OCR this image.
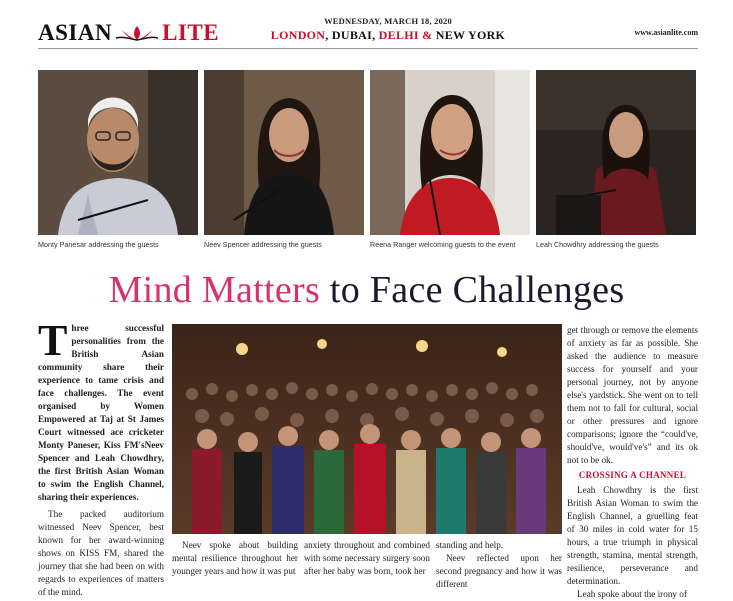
ASIAN LITE	WEDNESDAY, MARCH 18, 2020
LONDON, DUBAI, DELHI & NEW YORK	www.asianlite.com
Monty Panesar addressing the guests	Neev Spencer addressing the guests	Reena Ranger welcoming guests to the event	Leah Chowdhry addressing the guests
Mind Matters to Face Challenges
T hree successful personalities from the British Asian community share their experience to tame crisis and face challenges. The event organised by Women Empowered at Taj at St James Court witnessed ace cricketer Monty Paneser, Kiss FM'sNeev Spencer and Leah Chowdhry, the first British Asian Woman to swim the English Channel, sharing their experiences.
The packed auditorium witnessed Neev Spencer, best known for her award-winning shows on KISS FM, shared the journey that she had been on with regards to experiences of matters of the mind.
Neev spoke about building mental resilience throughout her younger years and how it was put
anxiety throughout and combined with some necessary surgery soon after her baby was born, took her
standing and help.
Neev reflected upon her second pregnancy and how it was different
get through or remove the elements of anxiety as far as possible. She asked the audience to measure success for yourself and your personal journey, not by anyone else's yardstick. She went on to tell them not to fall for cultural, social or other pressures and ignore comparisons; ignore the “could've, should've, would've's” and its ok not to be ok.
CROSSING A CHANNEL
Leah Chowdhry is the first British Asian Woman to swim the English Channel, a gruelling feat of 30 miles in cold water for 15 hours, a true triumph in physical strength, stamina, mental strength, resilience, perseverance and determination.
Leah spoke about the irony of
